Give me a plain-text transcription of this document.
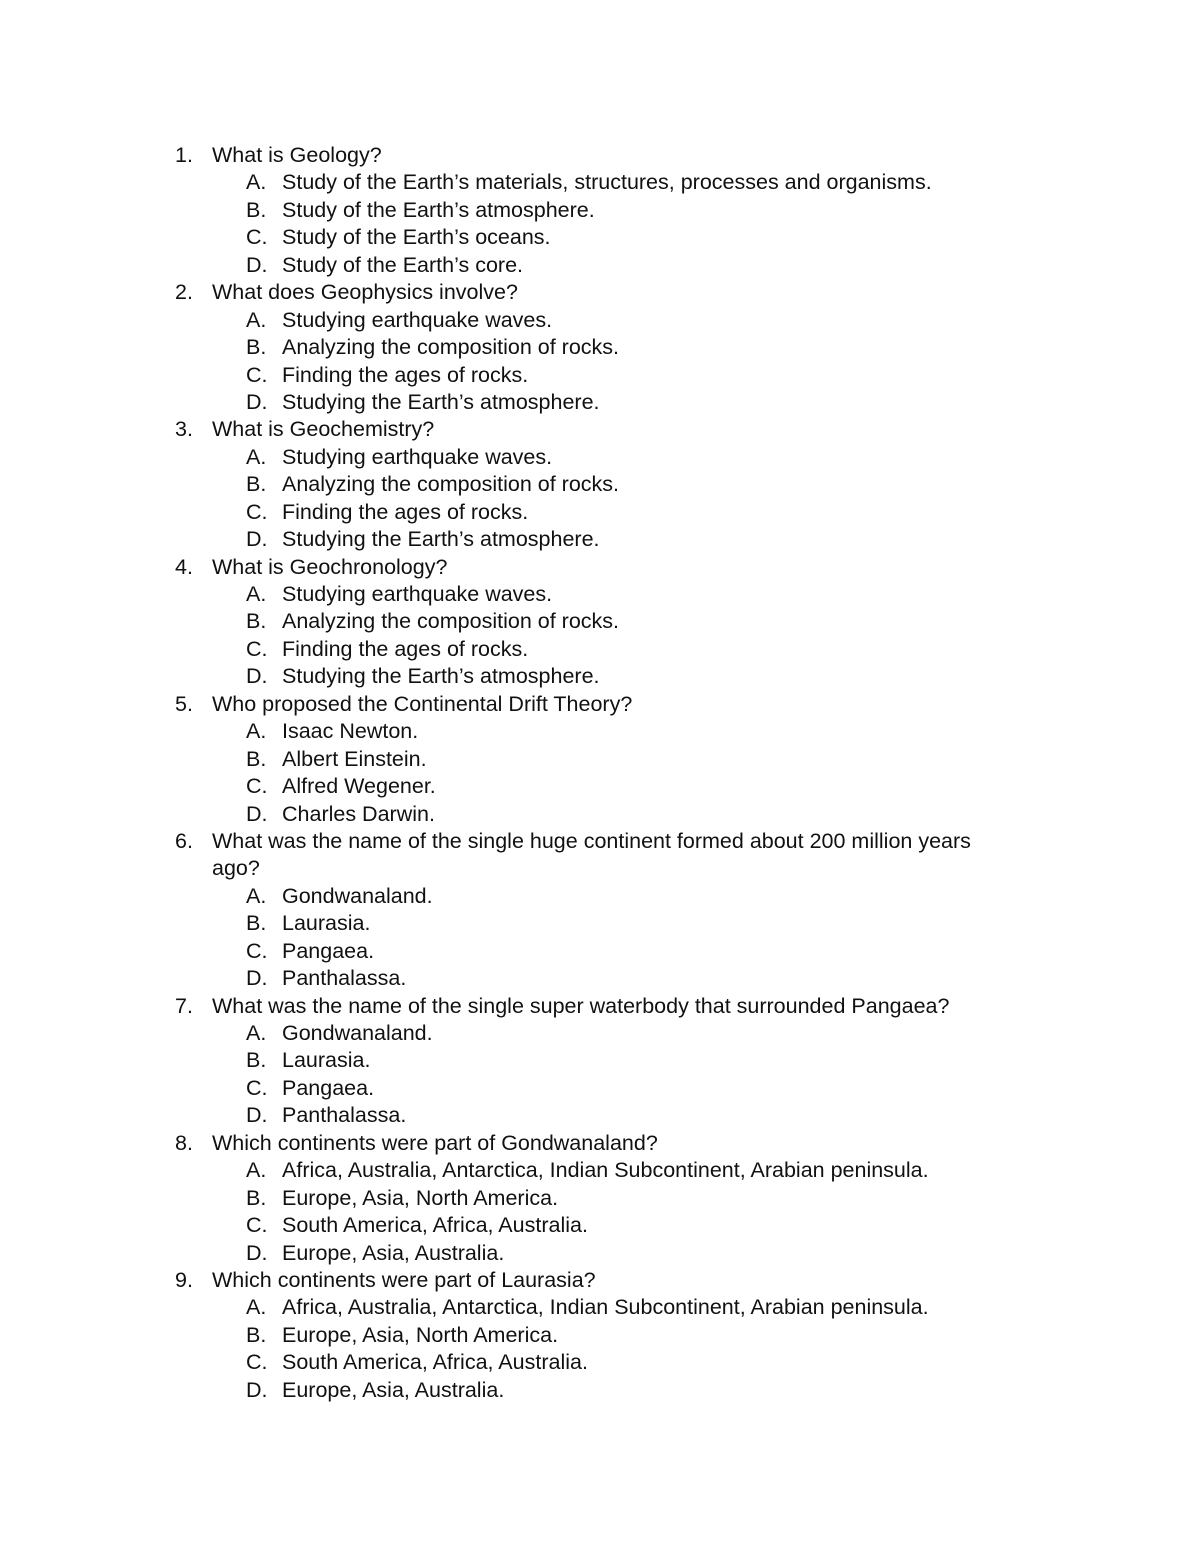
1. What is Geology?
A. Study of the Earth’s materials, structures, processes and organisms.
B. Study of the Earth’s atmosphere.
C. Study of the Earth’s oceans.
D. Study of the Earth’s core.
2. What does Geophysics involve?
A. Studying earthquake waves.
B. Analyzing the composition of rocks.
C. Finding the ages of rocks.
D. Studying the Earth’s atmosphere.
3. What is Geochemistry?
A. Studying earthquake waves.
B. Analyzing the composition of rocks.
C. Finding the ages of rocks.
D. Studying the Earth’s atmosphere.
4. What is Geochronology?
A. Studying earthquake waves.
B. Analyzing the composition of rocks.
C. Finding the ages of rocks.
D. Studying the Earth’s atmosphere.
5. Who proposed the Continental Drift Theory?
A. Isaac Newton.
B. Albert Einstein.
C. Alfred Wegener.
D. Charles Darwin.
6. What was the name of the single huge continent formed about 200 million years
ago?
A. Gondwanaland.
B. Laurasia.
C. Pangaea.
D. Panthalassa.
7. What was the name of the single super waterbody that surrounded Pangaea?
A. Gondwanaland.
B. Laurasia.
C. Pangaea.
D. Panthalassa.
8. Which continents were part of Gondwanaland?
A. Africa, Australia, Antarctica, Indian Subcontinent, Arabian peninsula.
B. Europe, Asia, North America.
C. South America, Africa, Australia.
D. Europe, Asia, Australia.
9. Which continents were part of Laurasia?
A. Africa, Australia, Antarctica, Indian Subcontinent, Arabian peninsula.
B. Europe, Asia, North America.
C. South America, Africa, Australia.
D. Europe, Asia, Australia.
